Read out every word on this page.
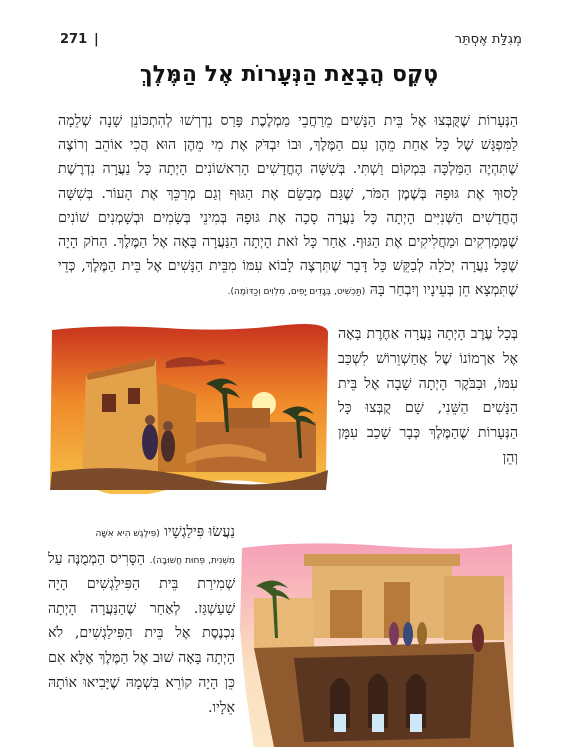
מְגִלַּת אֶסְתֵּר
|
271
טֶקֶס הֲבָאַת הַנְּעָרוֹת אֶל הַמֶּלֶךְ
הַנְּעָרוֹת שֶׁקֻּבְּצוּ אֶל בֵּית הַנָּשִׁים מֵרַחֲבֵי מַמְלֶכֶת פָּרַס נִדְרְשׁוּ לְהִתְכּוֹנֵן שָׁנָה שְׁלֵמָה לַמִּפְגָּשׁ שֶׁל כָּל אַחַת מֵהֶן עִם הַמֶּלֶךְ, וּבוֹ יִבְדֹּק אֶת מִי מֵהֶן הוּא הֲכִי אוֹהֵב וְרוֹצֶה שֶׁתִּהְיֶה הַמַּלְכָּה בִּמְקוֹם וַשְׁתִּי. בְּשִׁשָּׁה הֶחֳדָשִׁים הָרִאשׁוֹנִים הָיְתָה כָּל נַעֲרָה נִדְרֶשֶׁת לָסוּךְ אֶת גּוּפָהּ בְּשֶׁמֶן הַמֹּר, שֶׁגַּם מְבַשֵּׂם אֶת הַגּוּף וְגַם מְרַכֵּךְ אֶת הָעוֹר. בְּשִׁשָּׁה הֶחֳדָשִׁים הַשְּׁנִיִּים הָיְתָה כָּל נַעֲרָה סָכָה אֶת גּוּפָהּ בְּמִינֵי בְּשָׂמִים וּבְשָׁמְנִים שׁוֹנִים שֶׁמְּמָרְקִים וּמַחֲלִיקִים אֶת הַגּוּף. אַחַר כָּל זֹאת הָיְתָה הַנַּעֲרָה בָּאָה אֶל הַמֶּלֶךְ. הַחֹק הָיָה שֶׁכָּל נַעֲרָה יְכֹלָה לְבַקֵּשׁ כָּל דָּבָר שֶׁתִּרְצֶה לָבוֹא עִמּוֹ מִבֵּית הַנָּשִׁים אֶל בֵּית הַמֶּלֶךְ, כְּדֵי שֶׁתִּמְצָא חֵן בְּעֵינָיו וְיִבְחַר בָּהּ (תַּכְשִׁיט, בְּגָדִים יָפִים, מִלְוִים וְכַדּוֹמֶה).
בְּכָל עֶרֶב הָיְתָה נַעֲרָה אַחֶרֶת בָּאָה אֶל אַרְמוֹנוֹ שֶׁל אֲחַשְׁוֵרוֹשׁ לִשְׁכַּב עִמּוֹ, וּבַבֹּקֶר הָיְתָה שָׁבָה אֶל בֵּית הַנָּשִׁים הַשֵּׁנִי, שָׁם קֻבְּצוּ כָּל הַנְּעָרוֹת שֶׁהַמֶּלֶךְ כְּבָר שָׁכַב עִמָּן וְהֵן
נַעֲשׂוּ פִּילַגְשָׁיו (פִּילֶגֶשׁ הִיא אִשָּׁה
מִשְׁנִית, פְּחוּת חֲשׁוּבָה). הַסָּרִיס הַמְמֻנֶּה עַל שְׁמִירַת בֵּית הַפִּילַגְשִׁים הָיָה שַׁעַשְׁגַּז. לְאַחַר שֶׁהַנַּעֲרָה הָיְתָה נִכְנֶסֶת אֶל בֵּית הַפִּילַגְשִׁים, לֹא הָיְתָה בָּאָה שׁוּב אֶל הַמֶּלֶךְ אֶלָּא אִם כֵּן הָיָה קוֹרֵא בִּשְׁמָהּ שֶׁיָּבִיאוּ אוֹתָהּ אֵלָיו.
